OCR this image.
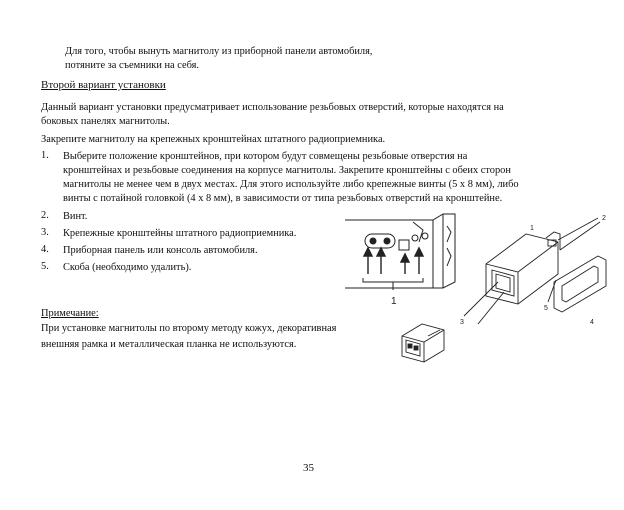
Для того, чтобы вынуть магнитолу из приборной панели автомобиля,
потяните за съемники на себя.
Второй вариант установки
Данный вариант установки предусматривает использование резьбовых отверстий, которые находятся на
боковых панелях магнитолы.
Закрепите магнитолу на крепежных кронштейнах штатного радиоприемника.
1. Выберите положение кронштейнов, при котором будут совмещены резьбовые отверстия на
кронштейнах и резьбовые соединения на корпусе магнитолы. Закрепите кронштейны с обеих сторон
магнитолы не менее чем в двух местах. Для этого используйте либо крепежные винты (5 х 8 мм), либо
винты с потайной головкой (4 х 8 мм), в зависимости от типа резьбовых отверстий на кронштейне.
2. Винт.
3. Крепежные кронштейны штатного радиоприемника.
4. Приборная панель или консоль автомобиля.
5. Скоба (необходимо удалить).
Примечание:
При установке магнитолы по второму методу кожух, декоративная
внешняя рамка и металлическая планка не используются.
1
1
2
3	4
5
35
